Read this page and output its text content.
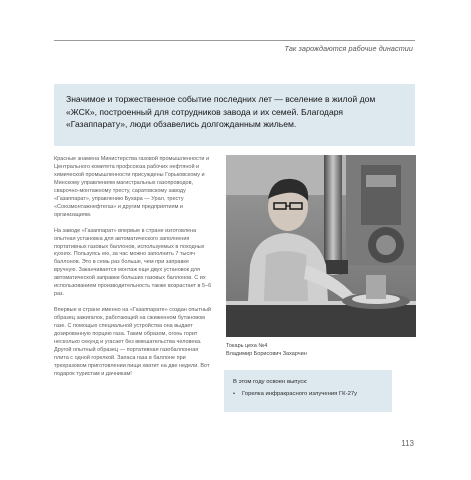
Так зарождаются рабочие династии

Значимое и торжественное событие последних лет — вселение в жилой дом «ЖСК», построенный для сотрудников завода и их семей. Благодаря «Газаппарату», люди обзавелись долгожданным жильем.

Красные знамена Министерства газовой промышленности и Центрального комитета профсоюза рабочих нефтяной и химической промышленности присуждены Горьковскому и Минскому управлениям магистральных газопроводов, сварочно-монтажному тресту, саратовскому заводу «Газаппарат», управлению Бухара — Урал, тресту «Союзмонтажнефтегаз» и другим предприятиям и организациям.

На заводе «Газаппарат» впервые в стране изготовлена опытная установка для автоматического заполнения портативных газовых баллонов, используемых в походных кухнях. Пользуясь ею, за час можно заполнить 7 тысяч баллонов. Это в семь раз больше, чем при заправке вручную. Заканчивается монтаж еще двух установок для автоматической заправки больших газовых баллонов. С их использованием производительность также возрастает в 5–6 раз.

Впервые в стране именно на «Газаппарате» создан опытный образец зажигалок, работающей на сжиженном бутановом газе. С помощью специальной устройства она выдает дозированную порцию газа. Таким образом, огонь горит несколько секунд и угасает без вмешательства человека. Другой опытный образец — портативная газобаллонная плита с одной горелкой. Запаса газа в баллоне при трехразовом приготовлении пищи хватит на две недели. Вот подарок туристам и дачникам!

Токарь цеха №4
Владимир Борисович Захарчин

В этом году освоен выпуск:

•	Горелка инфракрасного излучения ГК-27у
113
